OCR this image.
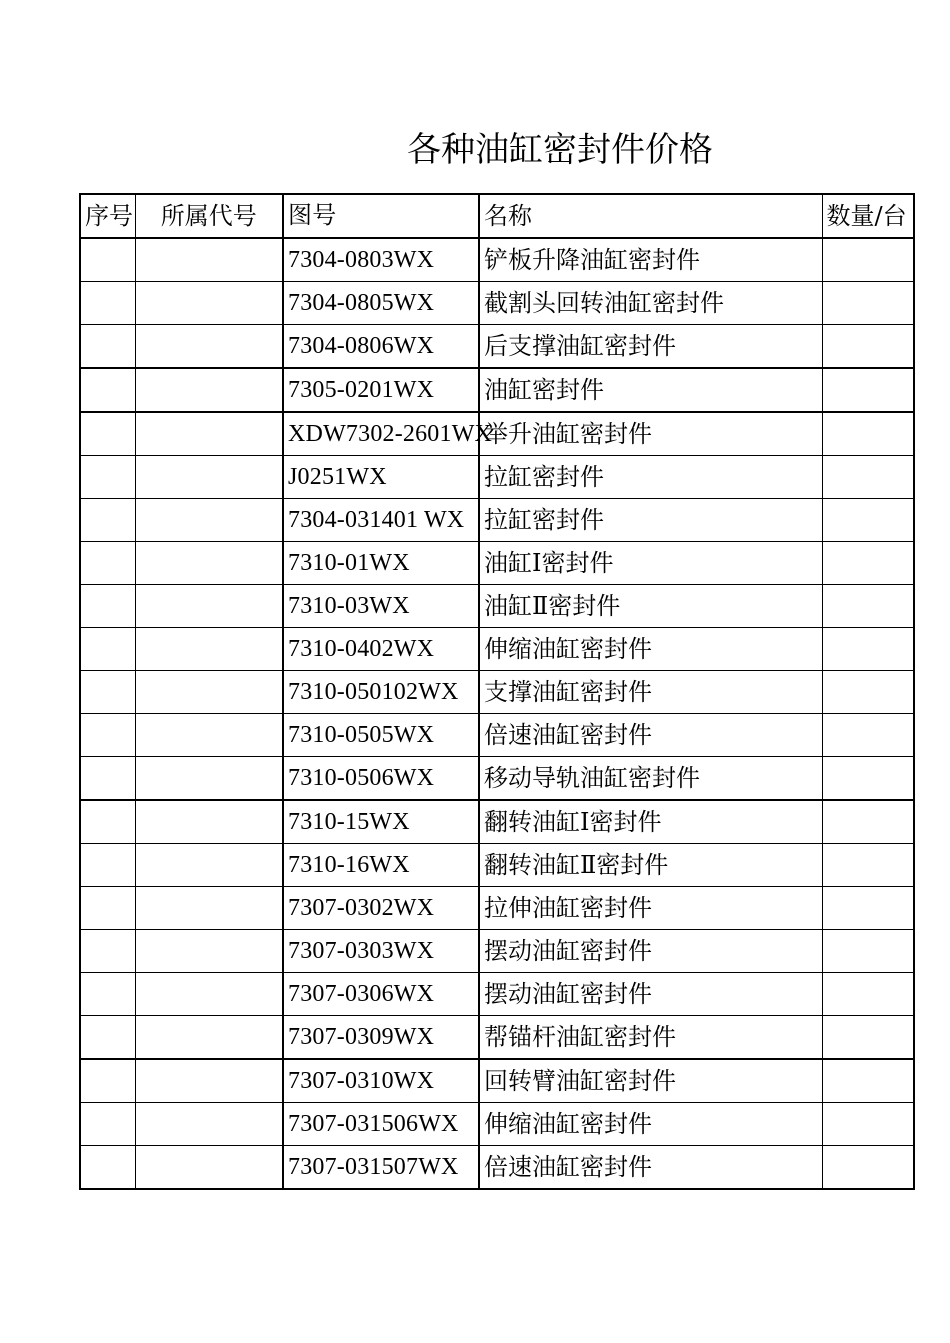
各种油缸密封件价格
序号	所属代号	图号	名称	数量/台
		7304-0803WX	铲板升降油缸密封件	
		7304-0805WX	截割头回转油缸密封件	
		7304-0806WX	后支撑油缸密封件	
		7305-0201WX	油缸密封件	
		XDW7302-2601WX	举升油缸密封件	
		J0251WX	拉缸密封件	
		7304-031401 WX	拉缸密封件	
		7310-01WX	油缸Ⅰ密封件	
		7310-03WX	油缸Ⅱ密封件	
		7310-0402WX	伸缩油缸密封件	
		7310-050102WX	支撑油缸密封件	
		7310-0505WX	倍速油缸密封件	
		7310-0506WX	移动导轨油缸密封件	
		7310-15WX	翻转油缸Ⅰ密封件	
		7310-16WX	翻转油缸Ⅱ密封件	
		7307-0302WX	拉伸油缸密封件	
		7307-0303WX	摆动油缸密封件	
		7307-0306WX	摆动油缸密封件	
		7307-0309WX	帮锚杆油缸密封件	
		7307-0310WX	回转臂油缸密封件	
		7307-031506WX	伸缩油缸密封件	
		7307-031507WX	倍速油缸密封件	
